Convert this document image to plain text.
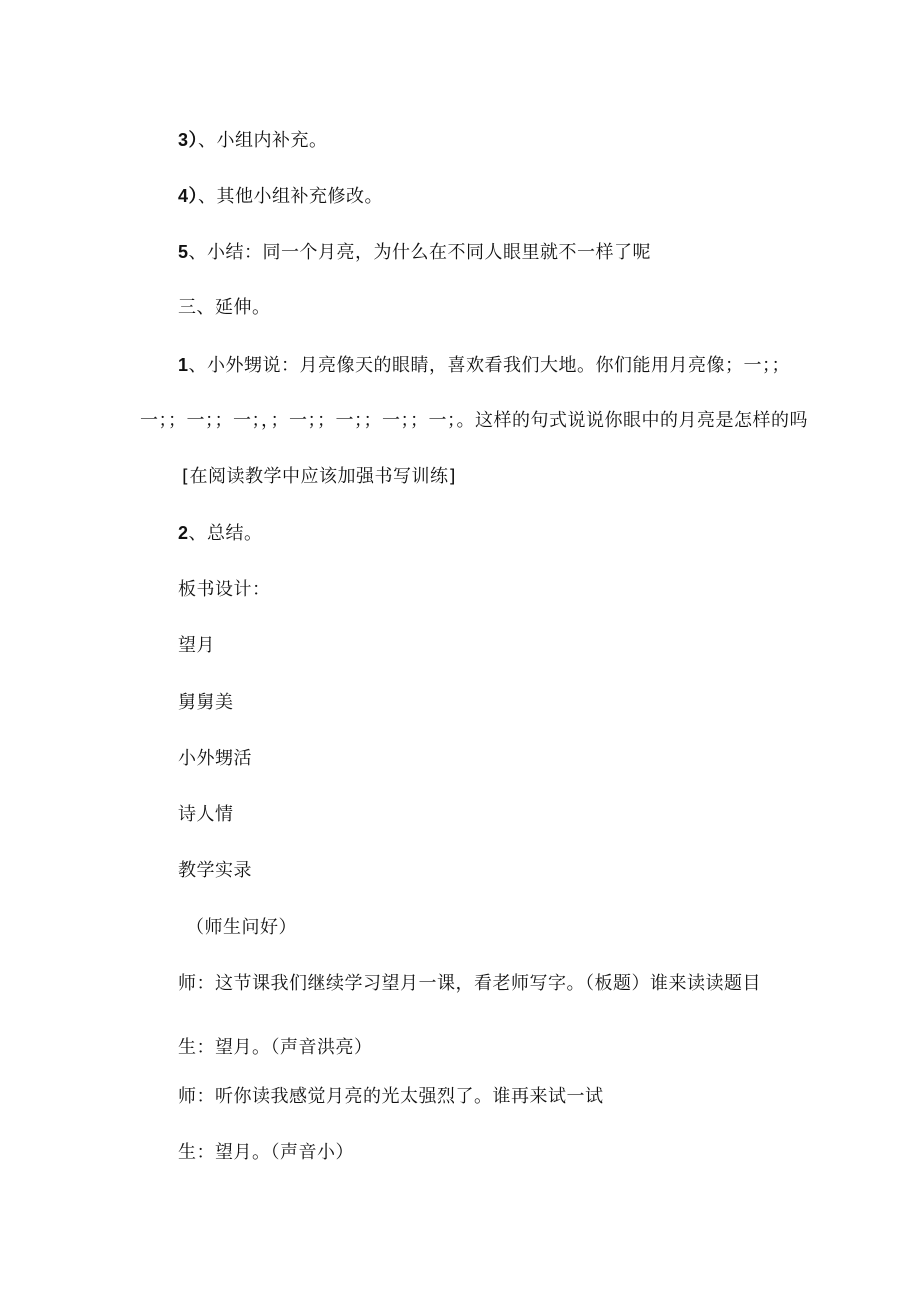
3）、小组内补充。
4）、其他小组补充修改。
5、小结：同一个月亮，为什么在不同人眼里就不一样了呢
三、延伸。
1、小外甥说：月亮像天的眼睛，喜欢看我们大地。你们能用月亮像；一；；
一；；一；；一；，；一；；一；；一；；一；。这样的句式说说你眼中的月亮是怎样的吗
[在阅读教学中应该加强书写训练]
2、总结。
板书设计：
望月
舅舅美
小外甥活
诗人情
教学实录
（师生问好）
师：这节课我们继续学习望月一课，看老师写字。（板题）谁来读读题目
生：望月。（声音洪亮）
师：听你读我感觉月亮的光太强烈了。谁再来试一试
生：望月。（声音小）
